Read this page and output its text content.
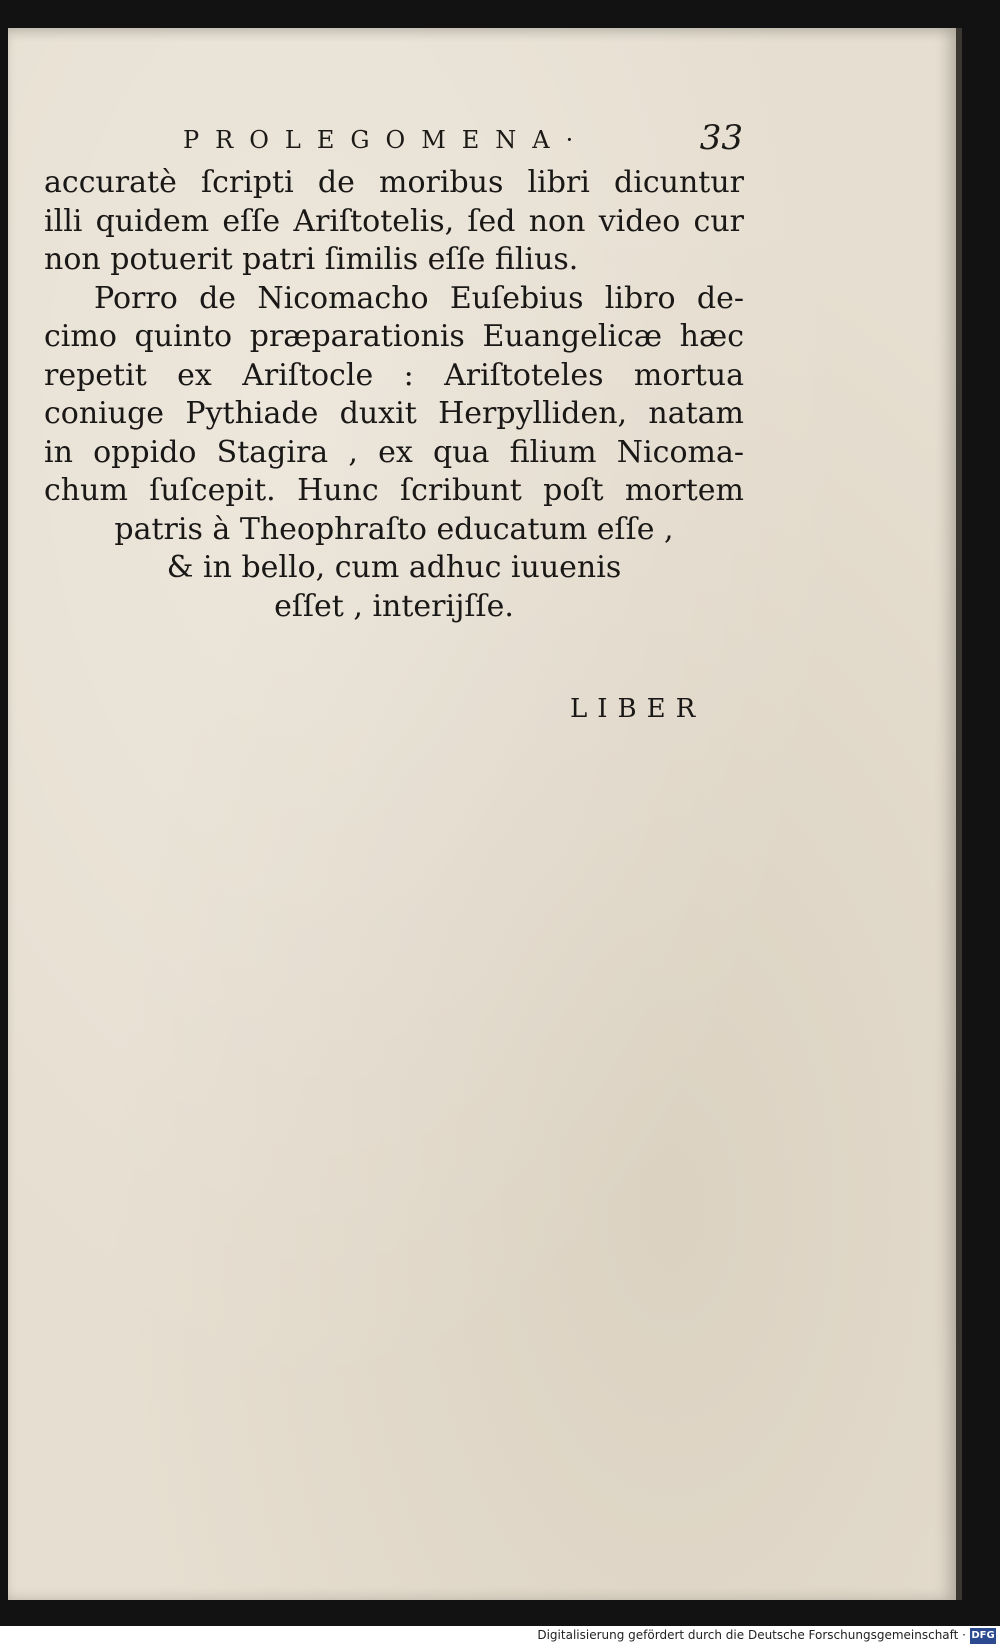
PROLEGOMENA·	33
accuratè ſcripti de moribus libri dicuntur
illi quidem eſſe Ariſtotelis, ſed non video cur
non potuerit patri ſimilis eſſe filius.
Porro de Nicomacho Euſebius libro de-
cimo quinto præparationis Euangelicæ hæc
repetit ex Ariſtocle : Ariſtoteles mortua
coniuge Pythiade duxit Herpylliden, natam
in oppido Stagira , ex qua filium Nicoma-
chum ſuſcepit. Hunc ſcribunt poſt mortem
patris à Theophraſto educatum eſſe ,
& in bello, cum adhuc iuuenis
eſſet , interijſſe.
LIBER
Digitalisierung gefördert durch die Deutsche Forschungsgemeinschaft · DFG
